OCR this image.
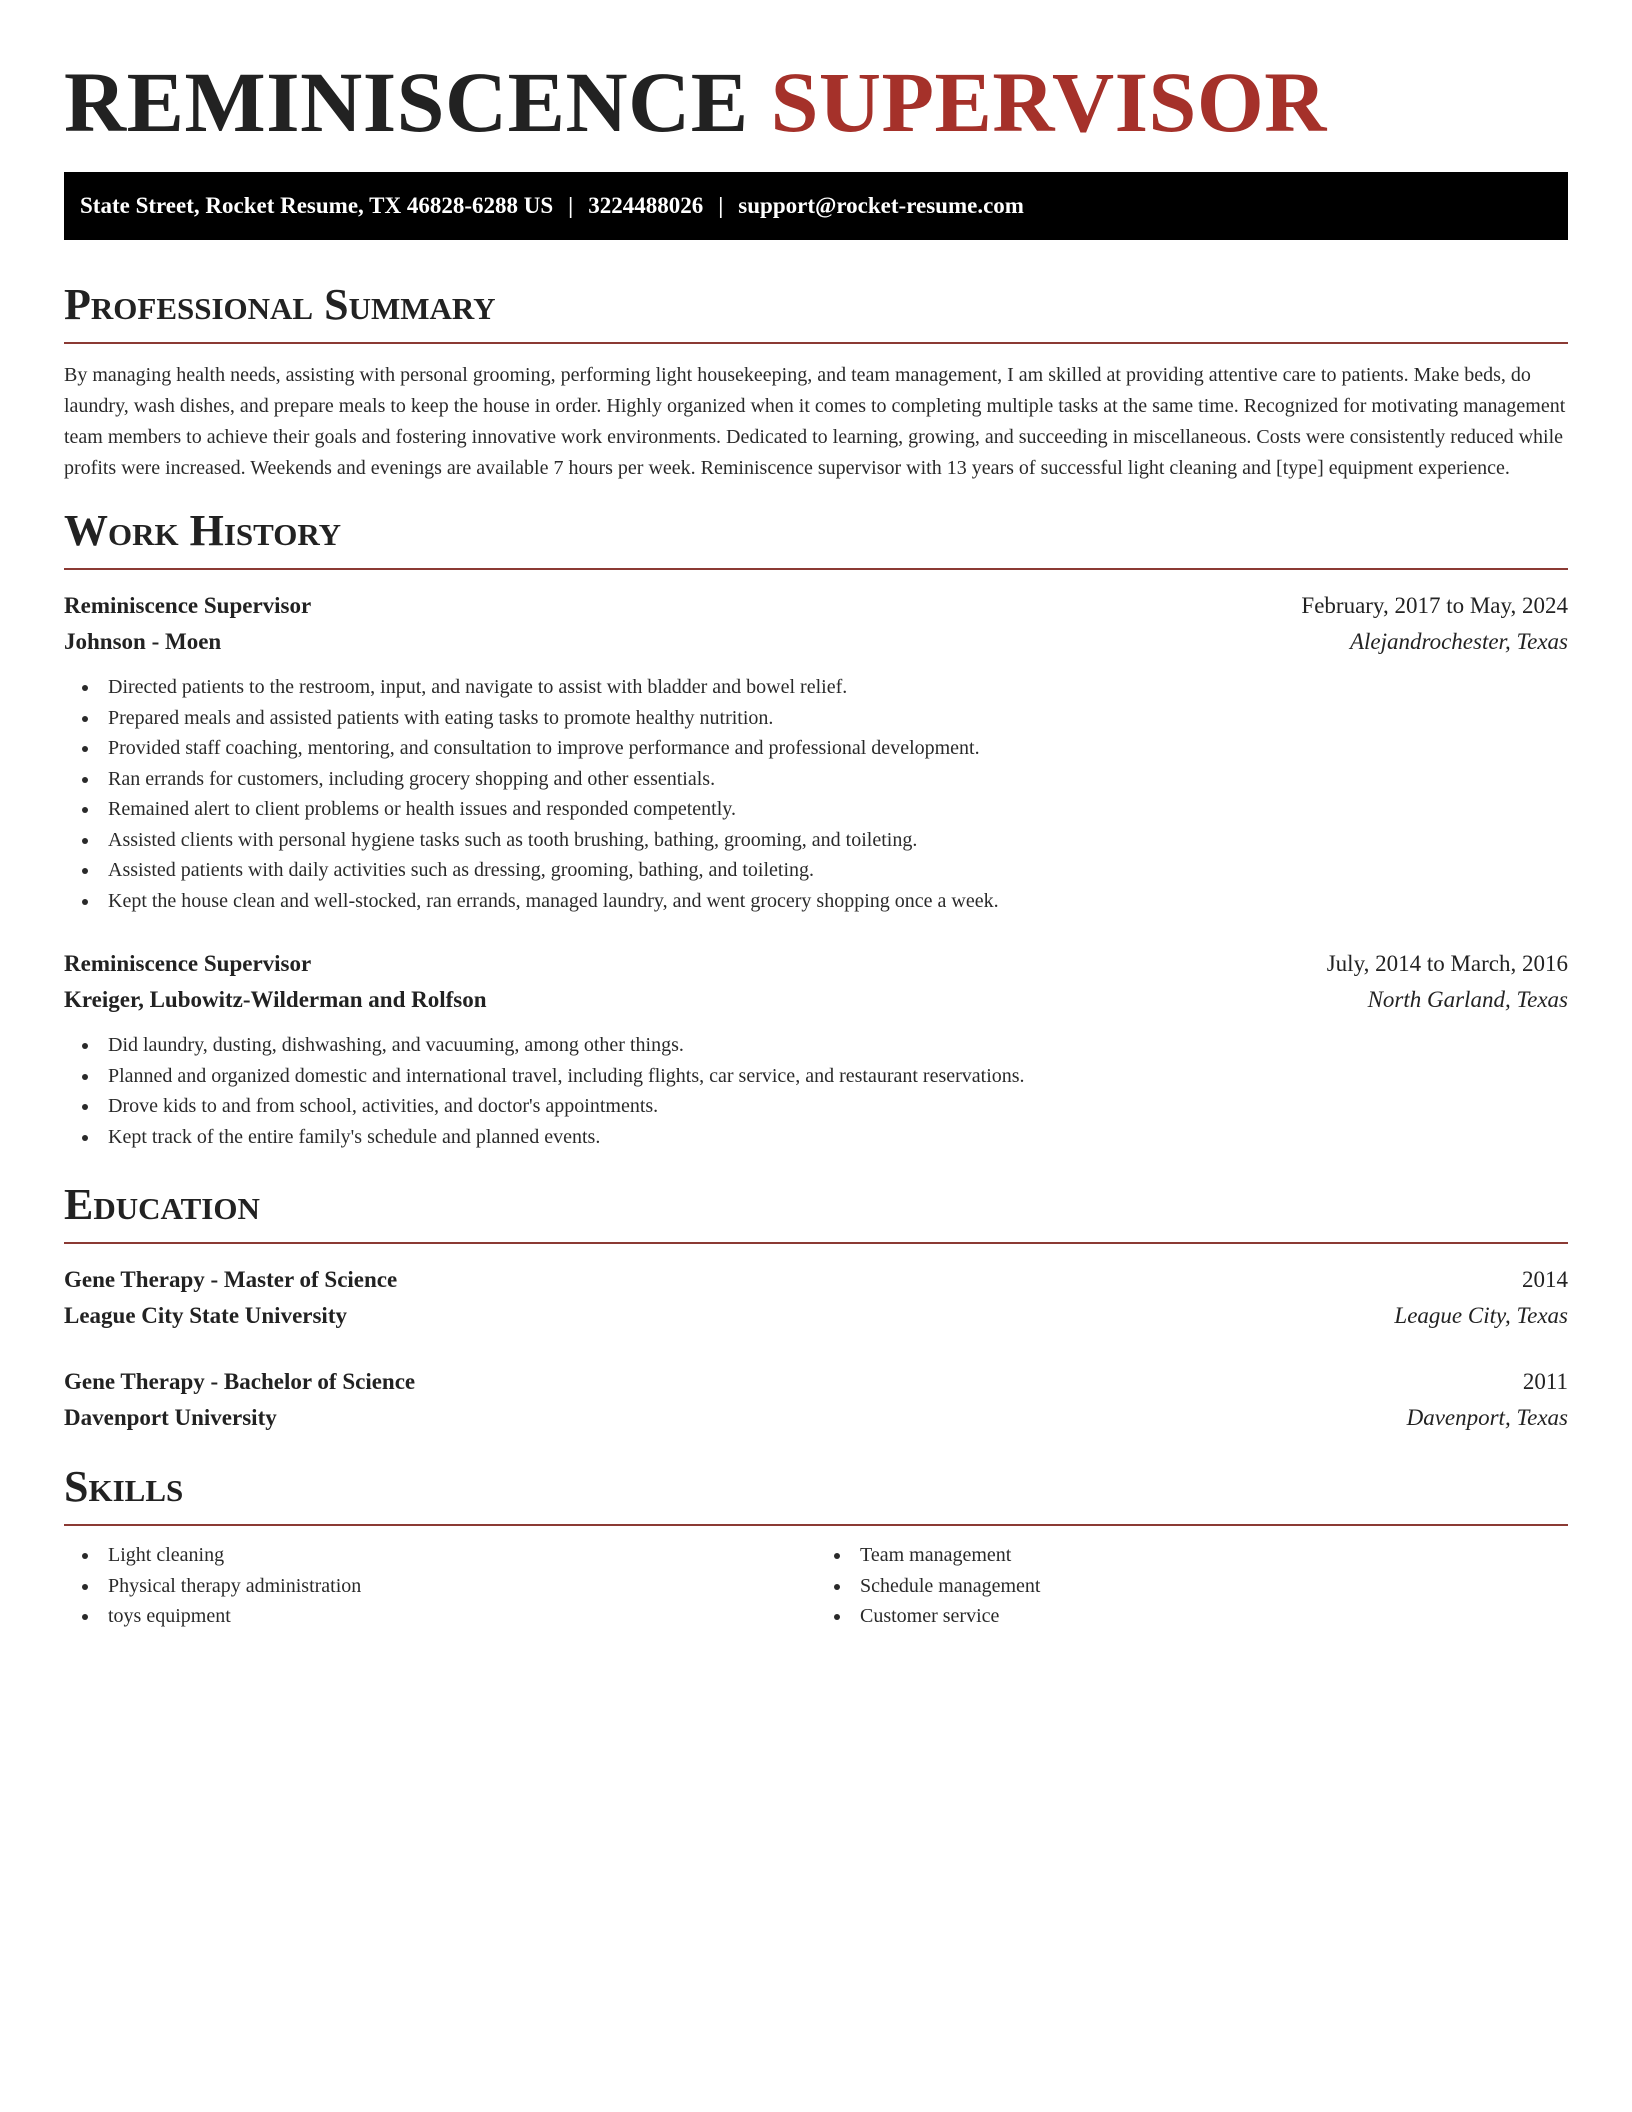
REMINISCENCE SUPERVISOR
State Street, Rocket Resume, TX 46828-6288 US | 3224488026 | support@rocket-resume.com
Professional Summary

By managing health needs, assisting with personal grooming, performing light housekeeping, and team management, I am skilled at providing attentive care to patients. Make beds, do laundry, wash dishes, and prepare meals to keep the house in order. Highly organized when it comes to completing multiple tasks at the same time. Recognized for motivating management team members to achieve their goals and fostering innovative work environments. Dedicated to learning, growing, and succeeding in miscellaneous. Costs were consistently reduced while profits were increased. Weekends and evenings are available 7 hours per week. Reminiscence supervisor with 13 years of successful light cleaning and [type] equipment experience.

Work History
Reminiscence Supervisor	February, 2017 to May, 2024
Johnson - Moen	Alejandrochester, Texas
Directed patients to the restroom, input, and navigate to assist with bladder and bowel relief.
Prepared meals and assisted patients with eating tasks to promote healthy nutrition.
Provided staff coaching, mentoring, and consultation to improve performance and professional development.
Ran errands for customers, including grocery shopping and other essentials.
Remained alert to client problems or health issues and responded competently.
Assisted clients with personal hygiene tasks such as tooth brushing, bathing, grooming, and toileting.
Assisted patients with daily activities such as dressing, grooming, bathing, and toileting.
Kept the house clean and well-stocked, ran errands, managed laundry, and went grocery shopping once a week.
Reminiscence Supervisor	July, 2014 to March, 2016
Kreiger, Lubowitz-Wilderman and Rolfson	North Garland, Texas
Did laundry, dusting, dishwashing, and vacuuming, among other things.
Planned and organized domestic and international travel, including flights, car service, and restaurant reservations.
Drove kids to and from school, activities, and doctor's appointments.
Kept track of the entire family's schedule and planned events.
Education
Gene Therapy - Master of Science	2014
League City State University	League City, Texas
Gene Therapy - Bachelor of Science	2011
Davenport University	Davenport, Texas
Skills
Light cleaning
Physical therapy administration
toys equipment
Team management
Schedule management
Customer service
